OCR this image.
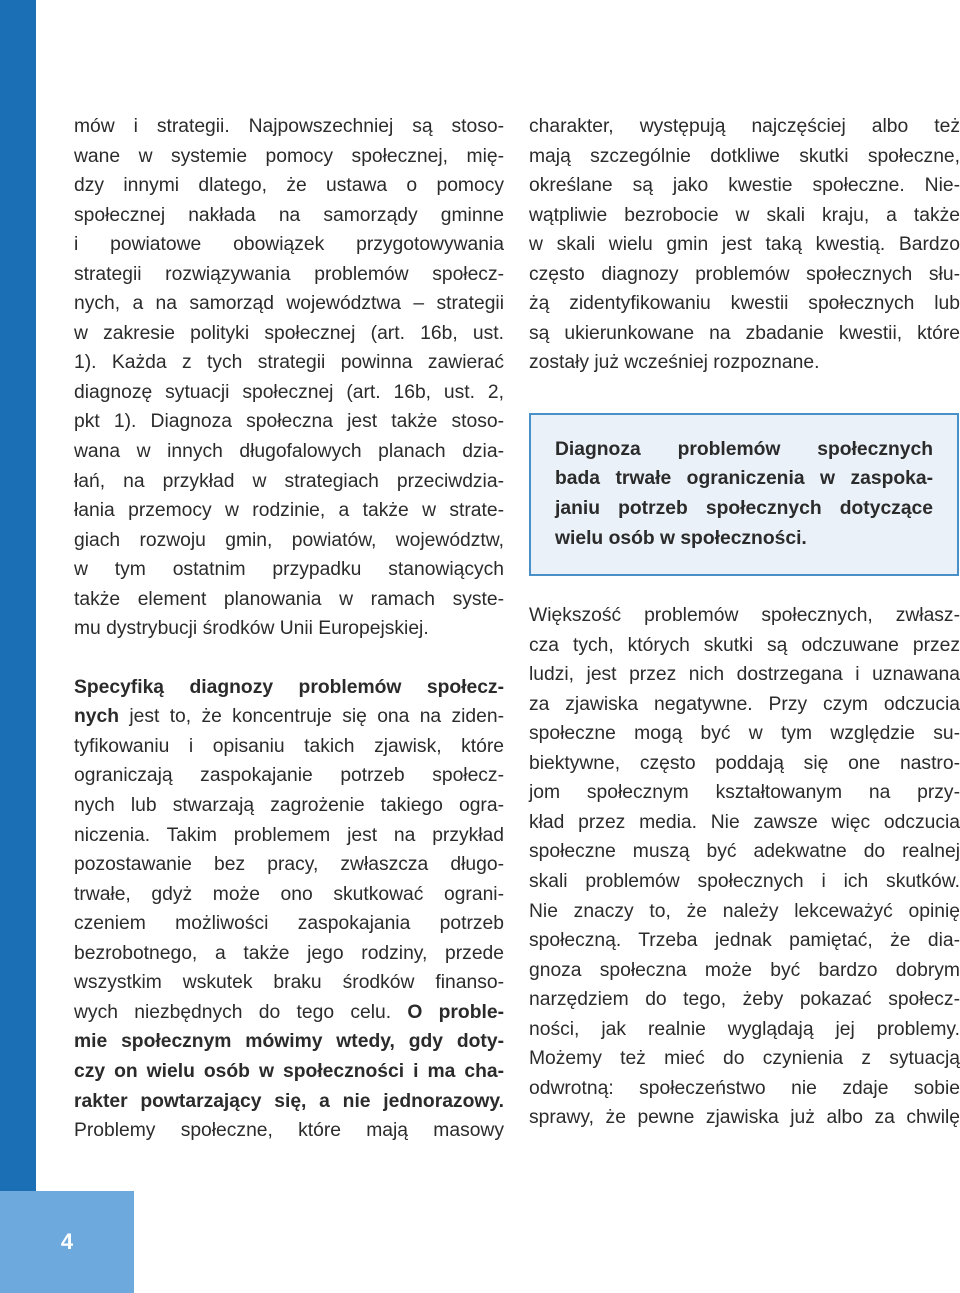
4
mów i strategii. Najpowszechniej są stoso-
wane w systemie pomocy społecznej, mię-
dzy innymi dlatego, że ustawa o pomocy
społecznej nakłada na samorządy gminne
i powiatowe obowiązek przygotowywania
strategii rozwiązywania problemów społecz-
nych, a na samorząd województwa – strategii
w zakresie polityki społecznej (art. 16b, ust.
1). Każda z tych strategii powinna zawierać
diagnozę sytuacji społecznej (art. 16b, ust. 2,
pkt 1). Diagnoza społeczna jest także stoso-
wana w innych długofalowych planach dzia-
łań, na przykład w strategiach przeciwdzia-
łania przemocy w rodzinie, a także w strate-
giach rozwoju gmin, powiatów, województw,
w tym ostatnim przypadku stanowiących
także element planowania w ramach syste-
mu dystrybucji środków Unii Europejskiej.
Specyfiką diagnozy problemów społecz-
nych jest to, że koncentruje się ona na ziden-
tyfikowaniu i opisaniu takich zjawisk, które
ograniczają zaspokajanie potrzeb społecz-
nych lub stwarzają zagrożenie takiego ogra-
niczenia. Takim problemem jest na przykład
pozostawanie bez pracy, zwłaszcza długo-
trwałe, gdyż może ono skutkować ograni-
czeniem możliwości zaspokajania potrzeb
bezrobotnego, a także jego rodziny, przede
wszystkim wskutek braku środków finanso-
wych niezbędnych do tego celu. O proble-
mie społecznym mówimy wtedy, gdy doty-
czy on wielu osób w społeczności i ma cha-
rakter powtarzający się, a nie jednorazowy.
Problemy społeczne, które mają masowy
charakter, występują najczęściej albo też
mają szczególnie dotkliwe skutki społeczne,
określane są jako kwestie społeczne. Nie-
wątpliwie bezrobocie w skali kraju, a także
w skali wielu gmin jest taką kwestią. Bardzo
często diagnozy problemów społecznych słu-
żą zidentyfikowaniu kwestii społecznych lub
są ukierunkowane na zbadanie kwestii, które
zostały już wcześniej rozpoznane.
Diagnoza problemów społecznych
bada trwałe ograniczenia w zaspoka-
janiu potrzeb społecznych dotyczące
wielu osób w społeczności.
Większość problemów społecznych, zwłasz-
cza tych, których skutki są odczuwane przez
ludzi, jest przez nich dostrzegana i uznawana
za zjawiska negatywne. Przy czym odczucia
społeczne mogą być w tym względzie su-
biektywne, często poddają się one nastro-
jom społecznym kształtowanym na przy-
kład przez media. Nie zawsze więc odczucia
społeczne muszą być adekwatne do realnej
skali problemów społecznych i ich skutków.
Nie znaczy to, że należy lekceważyć opinię
społeczną. Trzeba jednak pamiętać, że dia-
gnoza społeczna może być bardzo dobrym
narzędziem do tego, żeby pokazać społecz-
ności, jak realnie wyglądają jej problemy.
Możemy też mieć do czynienia z sytuacją
odwrotną: społeczeństwo nie zdaje sobie
sprawy, że pewne zjawiska już albo za chwilę
